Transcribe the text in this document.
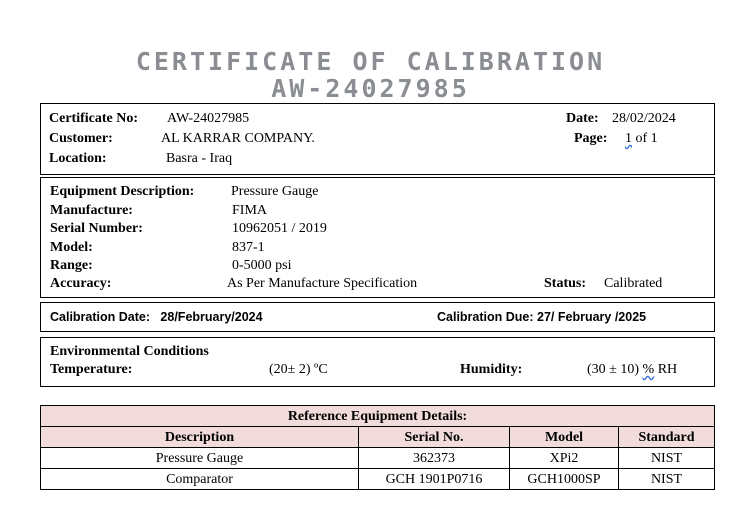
CERTIFICATE OF CALIBRATION
AW-24027985
Certificate No: AW-24027985
Customer:	AL KARRAR COMPANY.
Location:	Basra - Iraq
Date: 28/02/2024
Page: 1 of 1
Equipment Description:	Pressure Gauge
Manufacture:	FIMA
Serial Number:	10962051 / 2019
Model:	837-1
Range:	0-5000 psi
Accuracy:	As Per Manufacture Specification	Status: Calibrated
Calibration Date:   28/February/2024	Calibration Due: 27/ February /2025
Environmental Conditions
Temperature:	(20± 2) ºC	Humidity:	(30 ± 10) % RH
Reference Equipment Details:			
Description	Serial No.	Model	Standard
Pressure Gauge	362373	XPi2	NIST
Comparator	GCH 1901P0716	GCH1000SP	NIST
